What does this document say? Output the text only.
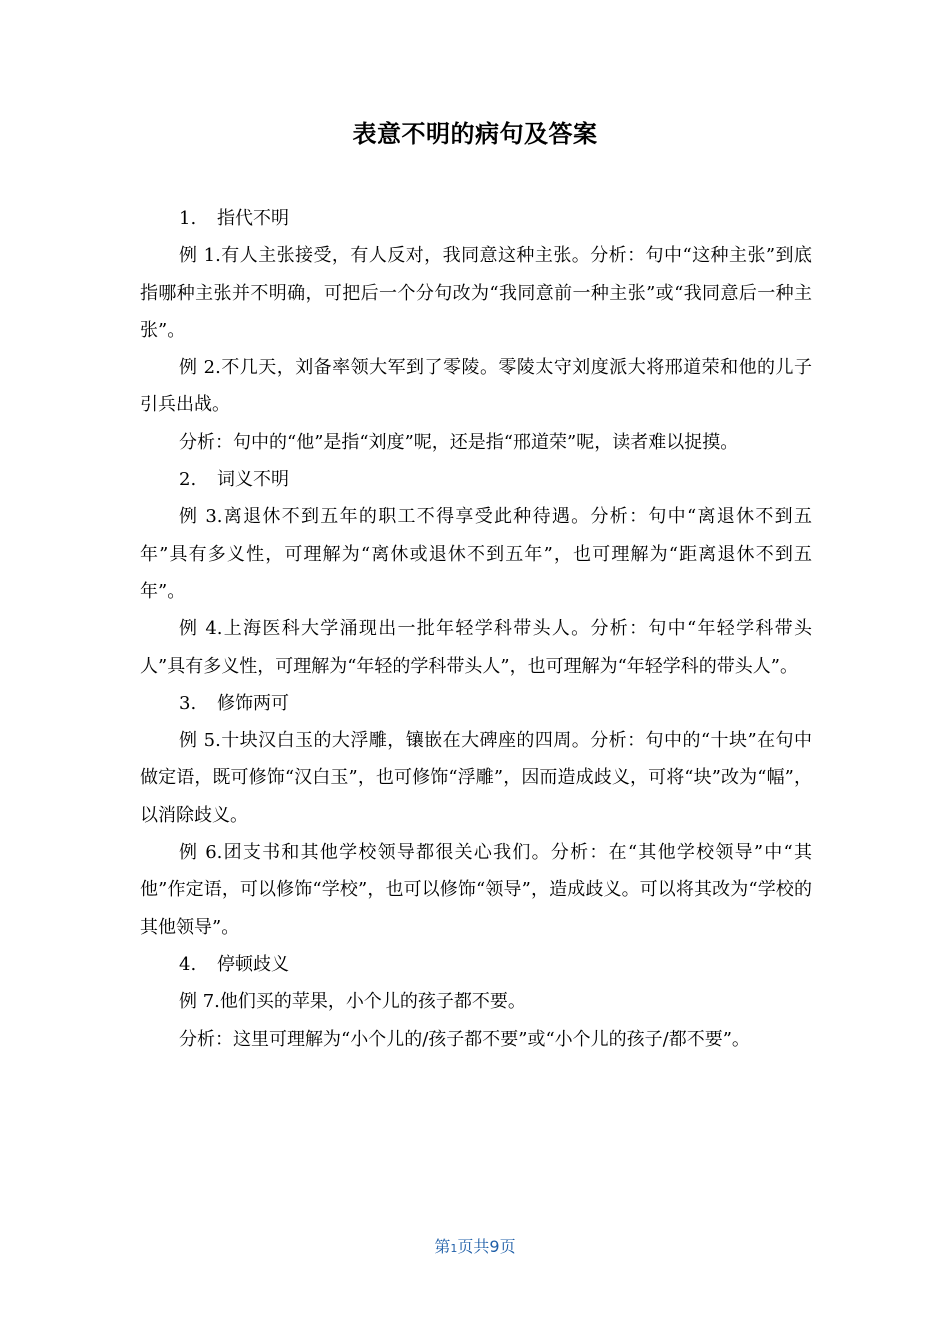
表意不明的病句及答案

1. 指代不明

例 1.有人主张接受，有人反对，我同意这种主张。分析：句中“这种主张”到底指哪种主张并不明确，可把后一个分句改为“我同意前一种主张”或“我同意后一种主张”。

例 2.不几天，刘备率领大军到了零陵。零陵太守刘度派大将邢道荣和他的儿子引兵出战。

分析：句中的“他”是指“刘度”呢，还是指“邢道荣”呢，读者难以捉摸。

2. 词义不明

例 3.离退休不到五年的职工不得享受此种待遇。分析：句中“离退休不到五年”具有多义性，可理解为“离休或退休不到五年”，也可理解为“距离退休不到五年”。

例 4.上海医科大学涌现出一批年轻学科带头人。分析：句中“年轻学科带头人”具有多义性，可理解为“年轻的学科带头人”，也可理解为“年轻学科的带头人”。

3. 修饰两可

例 5.十块汉白玉的大浮雕，镶嵌在大碑座的四周。分析：句中的“十块”在句中做定语，既可修饰“汉白玉”，也可修饰“浮雕”，因而造成歧义，可将“块”改为“幅”，以消除歧义。

例 6.团支书和其他学校领导都很关心我们。分析：在“其他学校领导”中“其他”作定语，可以修饰“学校”，也可以修饰“领导”，造成歧义。可以将其改为“学校的其他领导”。

4. 停顿歧义

例 7.他们买的苹果，小个儿的孩子都不要。

分析：这里可理解为“小个儿的/孩子都不要”或“小个儿的孩子/都不要”。

第1页共9页
